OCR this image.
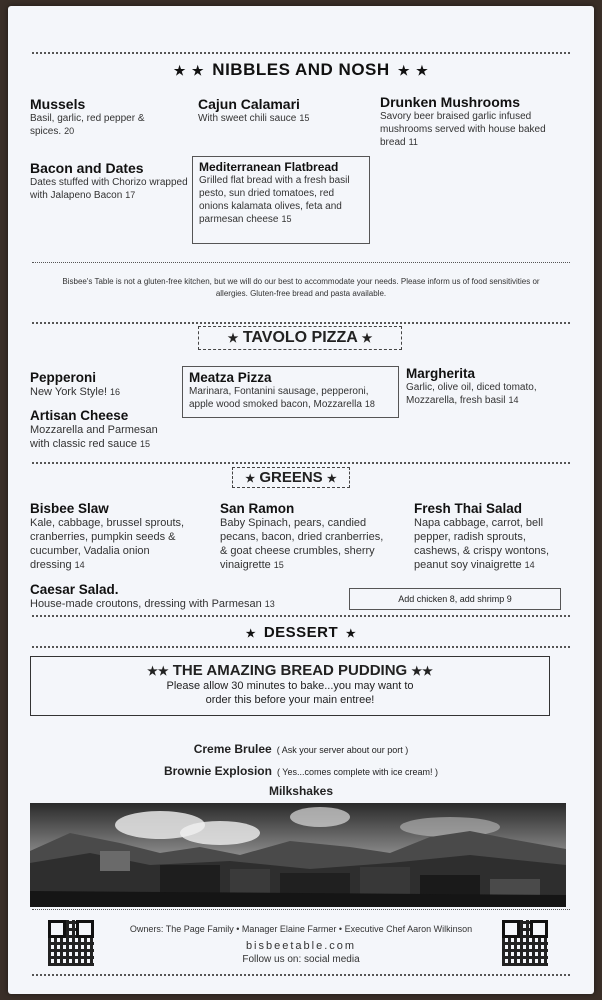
★ ★ NIBBLES AND NOSH ★ ★
Mussels
Basil, garlic, red pepper & spices. 20
Cajun Calamari
With sweet chili sauce 15
Drunken Mushrooms
Savory beer braised garlic infused mushrooms served with house baked bread 11
Bacon and Dates
Dates stuffed with Chorizo wrapped with Jalapeno Bacon 17
Mediterranean Flatbread
Grilled flat bread with a fresh basil pesto, sun dried tomatoes, red onions kalamata olives, feta and parmesan cheese 15
Bisbee's Table is not a gluten-free kitchen, but we will do our best to accommodate your needs. Please inform us of food sensitivities or allergies. Gluten-free bread and pasta available.
★ TAVOLO PIZZA ★
Pepperoni
New York Style! 16
Meatza Pizza
Marinara, Fontanini sausage, pepperoni, apple wood smoked bacon, Mozzarella 18
Margherita
Garlic, olive oil, diced tomato, Mozzarella, fresh basil 14
Artisan Cheese
Mozzarella and Parmesan with classic red sauce 15
★ GREENS ★
Bisbee Slaw
Kale, cabbage, brussel sprouts, cranberries, pumpkin seeds & cucumber, Vadalia onion dressing 14
San Ramon
Baby Spinach, pears, candied pecans, bacon, dried cranberries, & goat cheese crumbles, sherry vinaigrette 15
Fresh Thai Salad
Napa cabbage, carrot, bell pepper, radish sprouts, cashews, & crispy wontons, peanut soy vinaigrette 14
Caesar Salad.
House-made croutons, dressing with Parmesan 13	Add chicken 8, add shrimp 9
★ DESSERT ★
★★ THE AMAZING BREAD PUDDING ★★
Please allow 30 minutes to bake...you may want to order this before your main entree!
Creme Brulee ( Ask your server about our port )
Brownie Explosion ( Yes...comes complete with ice cream! )
Milkshakes
Owners: The Page Family • Manager Elaine Farmer • Executive Chef Aaron Wilkinson
bisbeetable.com
Follow us on: social media
